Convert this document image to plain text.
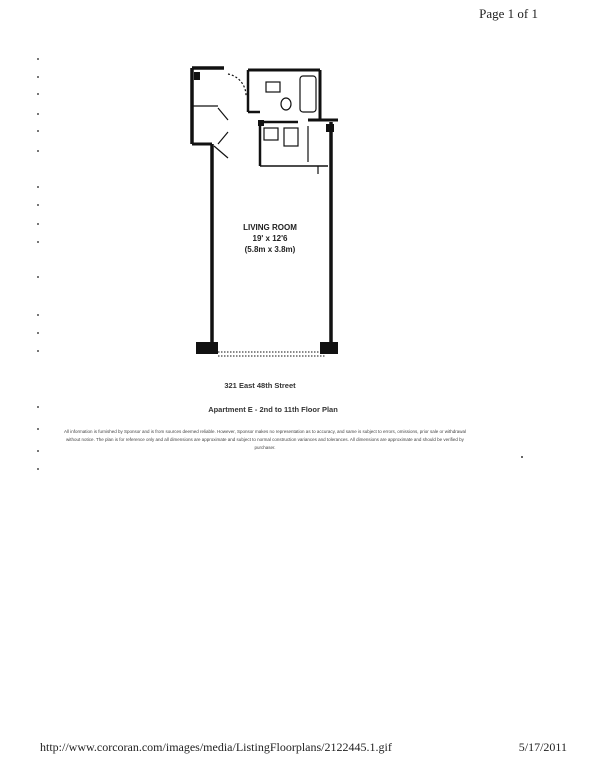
Page 1 of 1
LIVING ROOM
19' x 12'6
(5.8m x 3.8m)
321 East 48th Street
Apartment E - 2nd to 11th Floor Plan
All information is furnished by Sponsor and is from sources deemed reliable. However, Sponsor makes no representation as to accuracy, and same is subject to errors, omissions, prior sale or withdrawal without notice. The plan is for reference only and all dimensions are approximate and subject to normal construction variances and tolerances. All dimensions are approximate and should be verified by purchaser.
http://www.corcoran.com/images/media/ListingFloorplans/2122445.1.gif	5/17/2011
